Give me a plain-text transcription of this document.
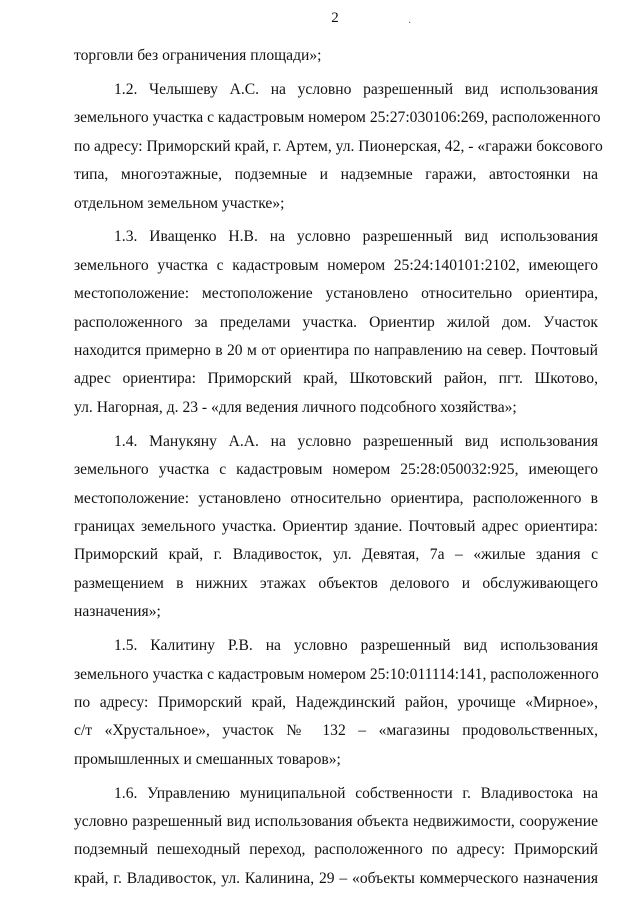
2	·
торговли без ограничения площади»;
1.2. Челышеву А.С. на условно разрешенный вид использования
земельного участка с кадастровым номером 25:27:030106:269, расположенного
по адресу: Приморский край, г. Артем, ул. Пионерская, 42, - «гаражи боксового
типа, многоэтажные, подземные и надземные гаражи, автостоянки на
отдельном земельном участке»;
1.3. Иващенко Н.В. на условно разрешенный вид использования
земельного участка с кадастровым номером 25:24:140101:2102, имеющего
местоположение: местоположение установлено относительно ориентира,
расположенного за пределами участка. Ориентир жилой дом. Участок
находится примерно в 20 м от ориентира по направлению на север. Почтовый
адрес ориентира: Приморский край, Шкотовский район, пгт. Шкотово,
ул. Нагорная, д. 23 - «для ведения личного подсобного хозяйства»;
1.4. Манукяну А.А. на условно разрешенный вид использования
земельного участка с кадастровым номером 25:28:050032:925, имеющего
местоположение: установлено относительно ориентира, расположенного в
границах земельного участка. Ориентир здание. Почтовый адрес ориентира:
Приморский край, г. Владивосток, ул. Девятая, 7а – «жилые здания с
размещением в нижних этажах объектов делового и обслуживающего
назначения»;
1.5. Калитину Р.В. на условно разрешенный вид использования
земельного участка с кадастровым номером 25:10:011114:141, расположенного
по адресу: Приморский край, Надеждинский район, урочище «Мирное»,
с/т «Хрустальное», участок № 132 – «магазины продовольственных,
промышленных и смешанных товаров»;
1.6. Управлению муниципальной собственности г. Владивостока на
условно разрешенный вид использования объекта недвижимости, сооружение
подземный пешеходный переход, расположенного по адресу: Приморский
край, г. Владивосток, ул. Калинина, 29 – «объекты коммерческого назначения
